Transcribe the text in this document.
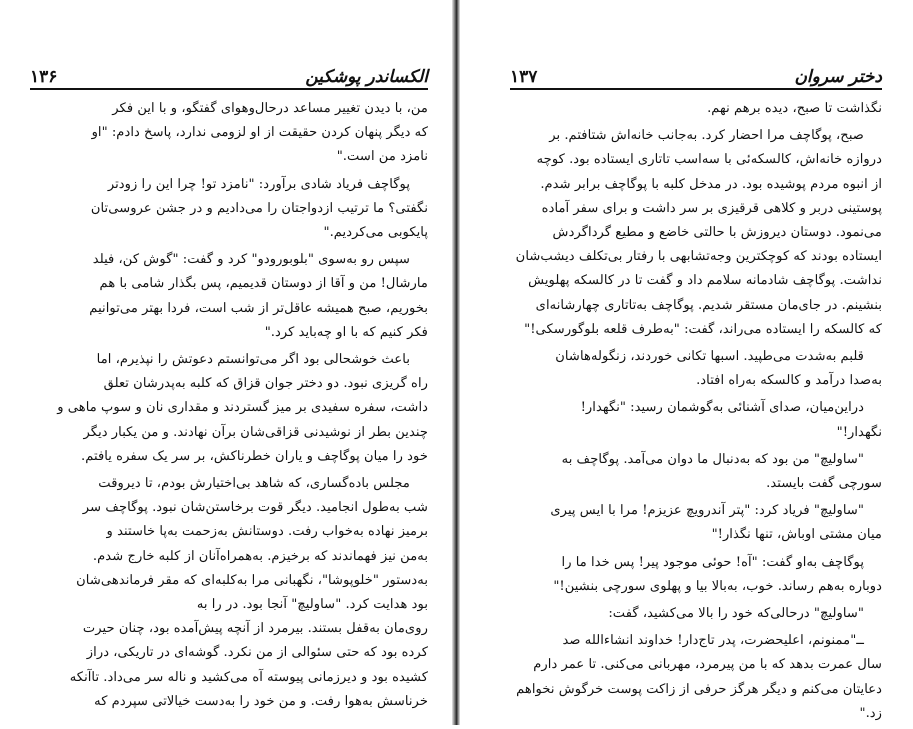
۱۳۶	الکساندر پوشکین

من، با دیدن تغییر مساعد درحال‌وهوای گفتگو، و با این فکر
که دیگر پنهان کردن حقیقت از او لزومی ندارد، پاسخ دادم: "او
نامزد من است."

پوگاچف فریاد شادی برآورد: "نامزد تو! چرا این را زودتر
نگفتی؟ ما ترتیب ازدواجتان را می‌دادیم و در جشن عروسی‌تان
پایکوبی می‌کردیم."

سپس رو به‌سوی "بلوبورودو" کرد و گفت: "گوش کن، فیلد
مارشال! من و آقا از دوستان قدیمیم، پس بگذار شامی با هم
بخوریم، صبح همیشه عاقل‌تر از شب است، فردا بهتر می‌توانیم
فکر کنیم که با او چه‌باید کرد."

باعث خوشحالی بود اگر می‌توانستم دعوتش را نپذیرم، اما
راه گریزی نبود. دو دختر جوان قزاق که کلبه به‌پدرشان تعلق
داشت، سفره سفیدی بر میز گستردند و مقداری نان و سوپ ماهی و
چندین بطر از نوشیدنی قزاقی‌شان برآن نهادند. و من یکبار دیگر
خود را میان پوگاچف و یاران خطرناکش، بر سر یک سفره یافتم.

مجلس باده‌گساری، که شاهد بی‌اختیارش بودم، تا دیروقت
شب به‌طول انجامید. دیگر قوت برخاستن‌شان نبود. پوگاچف سر
برمیز نهاده به‌خواب رفت. دوستانش به‌زحمت به‌پا خاستند و
به‌من نیز فهماندند که برخیزم. به‌همراه‌آنان از کلبه خارج شدم.
به‌دستور "خلوپوشا"، نگهبانی مرا به‌کلبه‌ای که مقر فرماندهی‌شان
بود هدایت کرد. "ساولیچ" آنجا بود. در را به
روی‌مان به‌قفل بستند. بیرمرد از آنچه پیش‌آمده بود، چنان حیرت
کرده بود که حتی سئوالی از من نکرد. گوشه‌ای در تاریکی، دراز
کشیده بود و دیرزمانی پیوسته آه می‌کشید و ناله سر می‌داد. تا‌آنکه
خرناسش به‌هوا رفت. و من خود را به‌دست خیالاتی سپردم که

۱۳۷	دختر سروان

نگذاشت تا صبح، دیده برهم نهم.

صبح، پوگاچف مرا احضار کرد. به‌جانب خانه‌اش شتافتم. بر
دروازه خانه‌اش، کالسکه‌ئی با سه‌اسب تاتاری ایستاده بود. کوچه
از انبوه مردم پوشیده بود. در مدخل کلبه با پوگاچف برابر شدم.
پوستینی دربر و کلاهی قرقیزی بر سر داشت و برای سفر آماده
می‌نمود. دوستان دیروزش با حالتی خاضع و مطیع گرداگردش
ایستاده بودند که کوچکترین وجه‌تشابهی با رفتار بی‌تکلف دیشب‌شان
نداشت. پوگاچف شادمانه سلامم داد و گفت تا در کالسکه پهلویش
بنشینم. در جای‌مان مستقر شدیم. پوگاچف به‌تاتاری چهارشانه‌ای
که کالسکه را ایستاده می‌راند، گفت: "به‌طرف قلعه بلوگورسکی!"

قلبم به‌شدت می‌طپید. اسبها تکانی خوردند، زنگوله‌هاشان
به‌صدا درآمد و کالسکه به‌راه افتاد.

دراین‌میان، صدای آشنائی به‌گوشمان رسید: "نگهدار!
نگهدار!"

"ساولیچ" من بود که به‌دنبال ما دوان می‌آمد. پوگاچف به
سورچی گفت بایستد.

"ساولیچ" فریاد کرد: "پتر آندرویچ عزیزم! مرا با ایس پیری
میان مشتی اوباش، تنها نگذار!"

پوگاچف به‌او گفت: "آه! حوئی موجود پیر! پس خدا ما را
دوباره به‌هم رساند. خوب، به‌بالا بیا و پهلوی سورچی بنشین!"

"ساولیچ" درحالی‌که خود را بالا می‌کشید، گفت:

ــ"ممنونم، اعلیحضرت، پدر تاج‌دار! خداوند انشاءالله صد
سال عمرت بدهد که با من پیرمرد، مهربانی می‌کنی. تا عمر دارم
دعایتان می‌کنم و دیگر هرگز حرفی از زاکت پوست خرگوش نخواهم
زد."
